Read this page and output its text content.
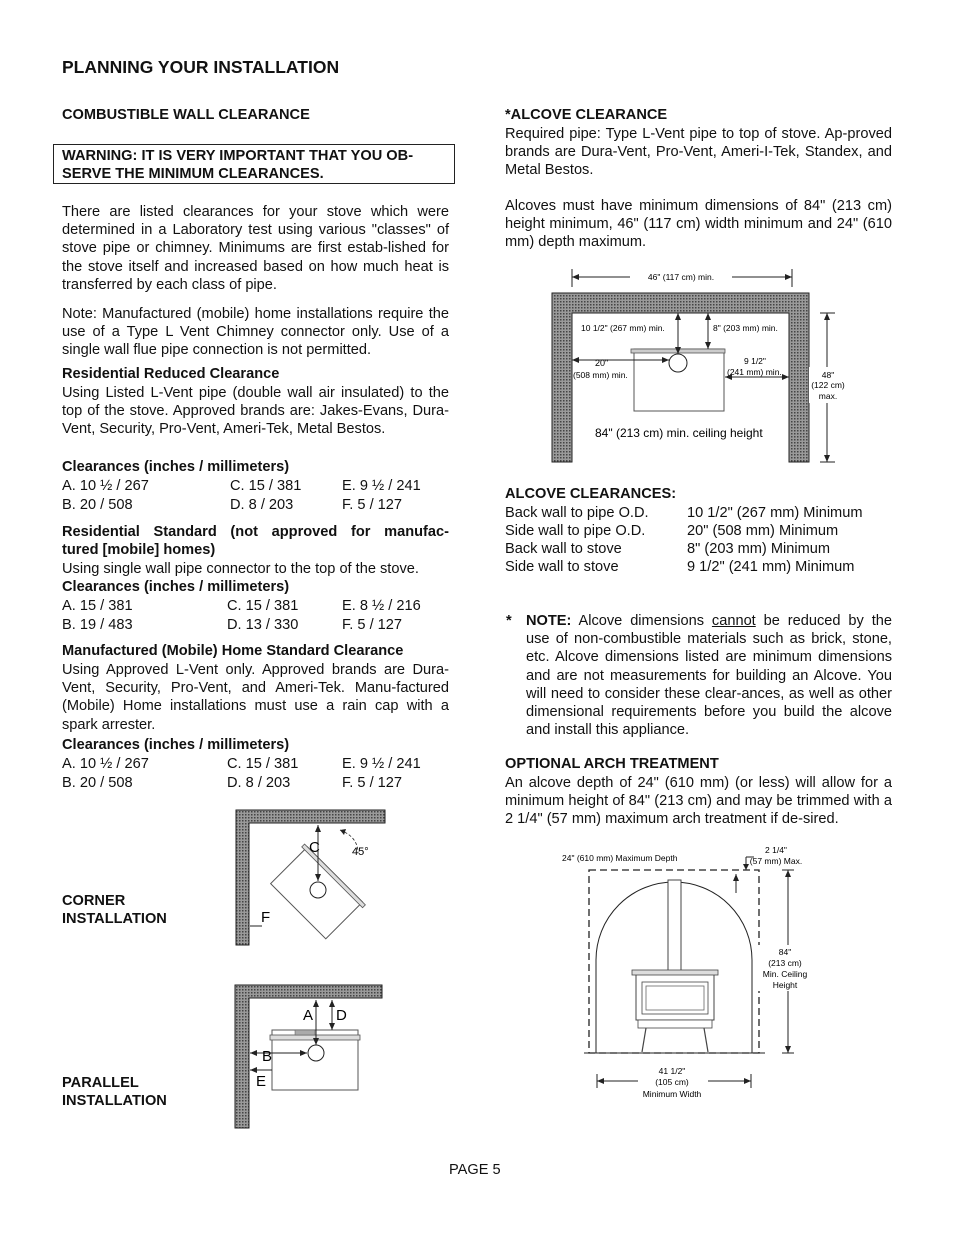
PLANNING YOUR INSTALLATION
COMBUSTIBLE WALL CLEARANCE
WARNING: IT IS VERY IMPORTANT THAT YOU OB-
SERVE THE MINIMUM CLEARANCES.
There are listed clearances for your stove which were determined in a Laboratory test using various "classes" of stove pipe or chimney. Minimums are first estab-lished for the stove itself and increased based on how much heat is transferred by each class of pipe.
Note: Manufactured (mobile) home installations require the use of a Type L Vent Chimney connector only. Use of a single wall flue pipe connection is not permitted.
Residential Reduced Clearance
Using Listed L-Vent pipe (double wall air insulated) to the top of the stove. Approved brands are: Jakes-Evans, Dura-Vent, Security, Pro-Vent, Ameri-Tek, Metal Bestos.
Clearances (inches / millimeters)
A. 10 ½ / 267	C. 15 / 381	E. 9 ½ / 241
B. 20 / 508	D. 8 / 203	F. 5 / 127
Residential Standard (not approved for manufac-
tured [mobile] homes)
Using single wall pipe connector to the top of the stove.
Clearances (inches / millimeters)
A. 15 / 381	C. 15 / 381	E. 8 ½ / 216
B. 19 / 483	D. 13 / 330	F. 5 / 127
Manufactured (Mobile) Home Standard Clearance
Using Approved L-Vent only. Approved brands are Dura-Vent, Security, Pro-Vent, and Ameri-Tek. Manu-factured (Mobile) Home installations must use a rain cap with a spark arrester.
Clearances (inches / millimeters)
A. 10 ½ / 267	C. 15 / 381	E. 9 ½ / 241
B. 20 / 508	D. 8 / 203	F. 5 / 127
CORNER
INSTALLATION
C	45°
F
PARALLEL
INSTALLATION
A D
B
E
*ALCOVE CLEARANCE
Required pipe: Type L-Vent pipe to top of stove. Ap-proved brands are Dura-Vent, Pro-Vent, Ameri-I-Tek, Standex, and Metal Bestos.
Alcoves must have minimum dimensions of 84" (213 cm) height minimum, 46" (117 cm) width minimum and 24" (610 mm) depth maximum.
46" (117 cm) min.
10 1/2" (267 mm) min.	8" (203 mm) min.
20"
(508 mm) min.
9 1/2"
(241 mm) min.
84" (213 cm) min. ceiling height
48"
(122 cm)
max.
ALCOVE CLEARANCES:
Back wall to pipe O.D.	10 1/2" (267 mm) Minimum
Side wall to pipe O.D.	20" (508 mm) Minimum
Back wall to stove	8" (203 mm) Minimum
Side wall to stove	9 1/2" (241 mm) Minimum
* NOTE: Alcove dimensions cannot be reduced by the use of non-combustible materials such as brick, stone, etc. Alcove dimensions listed are minimum dimensions and are not measurements for building an Alcove. You will need to consider these clear-ances, as well as other dimensional requirements before you build the alcove and install this appliance.
OPTIONAL ARCH TREATMENT
An alcove depth of 24" (610 mm) (or less) will allow for a minimum height of 84" (213 cm) and may be trimmed with a 2 1/4" (57 mm) maximum arch treatment if de-sired.
24" (610 mm) Maximum Depth
2 1/4"
(57 mm) Max.
84"
(213 cm)
Min. Ceiling
Height
41 1/2"
(105 cm)
Minimum Width
PAGE 5
